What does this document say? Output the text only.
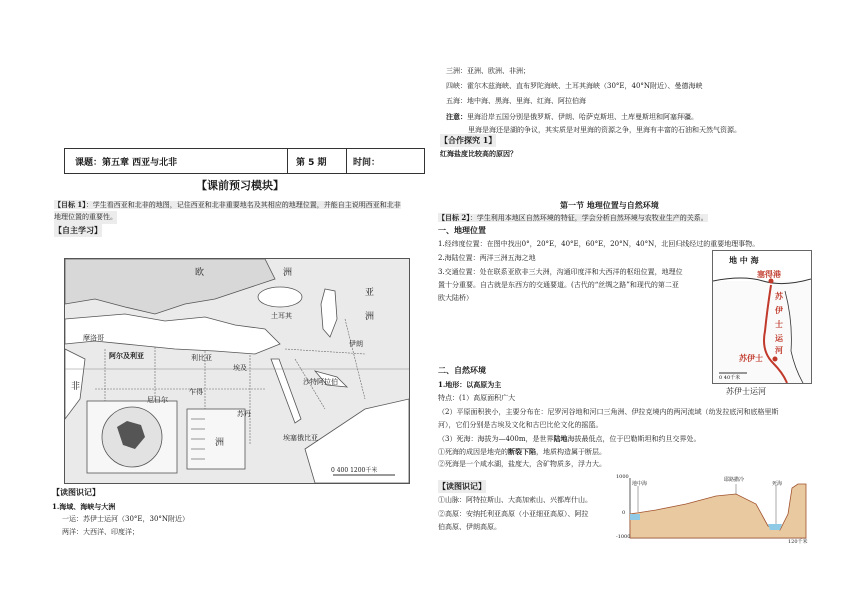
三洲：亚洲、欧洲、非洲；
四峡：霍尔木兹海峡、直布罗陀海峡、土耳其海峡（30°E，40°N附近）、曼德海峡
五海：地中海、黑海、里海、红海、阿拉伯海
注意：里海沿岸五国分别是俄罗斯、伊朗、哈萨克斯坦、土库曼斯坦和阿塞拜疆。
里海是海还是湖的争议，其实质是对里海的资源之争，里海有丰富的石油和天然气资源。
【合作探究 1】
红海盐度比较高的原因？
课题：第五章 西亚与北非	第 5 期	时间：
【课前预习模块】
【目标 1】：学生看西亚和北非的地图，记住西亚和北非重要地名及其相应的地理位置，并能自主说明西亚和北非
地理位置的重要性。
【自主学习】
欧	洲
亚
洲
非
洲
阿尔及利亚	利比亚
埃及
苏丹
伊朗
沙特阿拉伯
土耳其
摩洛哥
尼日尔
乍得
埃塞俄比亚
0 400 1200千米
【读图识记】
1.海域、海峡与大洲
一运：苏伊士运河（30°E，30°N附近）
两洋：大西洋、印度洋；
第一节 地理位置与自然环境
【目标 2】：学生利用本地区自然环境的特征，学会分析自然环境与农牧业生产的关系。
一、地理位置
1.经纬度位置：在图中找出0°，20°E，40°E，60°E，20°N，40°N，北回归线经过的重要地理事物。
2.海陆位置：两洋三洲五海之地
3.交通位置：处在联系亚欧非三大洲，沟通印度洋和大西洋的枢纽位置，地理位
置十分重要。自古就是东西方的交通要道。(古代的“丝绸之路”和现代的第二亚
欧大陆桥）
地 中 海
塞得港
苏
伊
士
运
河
苏伊士
0 40千米
苏伊士运河
二、自然环境
1.地形：以高原为主
特点：(1）高原面积广大
（2）平原面积狭小，主要分布在：尼罗河谷地和河口三角洲、伊拉克境内的两河流域（幼发拉底河和底格里斯
河），它们分别是古埃及文化和古巴比伦文化的摇篮。
（3）死海：海拔为—400m，是世界陆地海拔最低点，位于巴勒斯坦和约旦交界处。
①死海的成因是地壳的断裂下陷，地质构造属于断层。
②死海是一个咸水湖，盐度大，含矿物质多，浮力大。
【读图识记】
①山脉：阿特拉斯山、大高加索山、兴都库什山。
②高原：安纳托利亚高原（小亚细亚高原）、阿拉
伯高原、伊朗高原。
1000
0
-1000
地中海
耶路撒冷
死海
120千米
